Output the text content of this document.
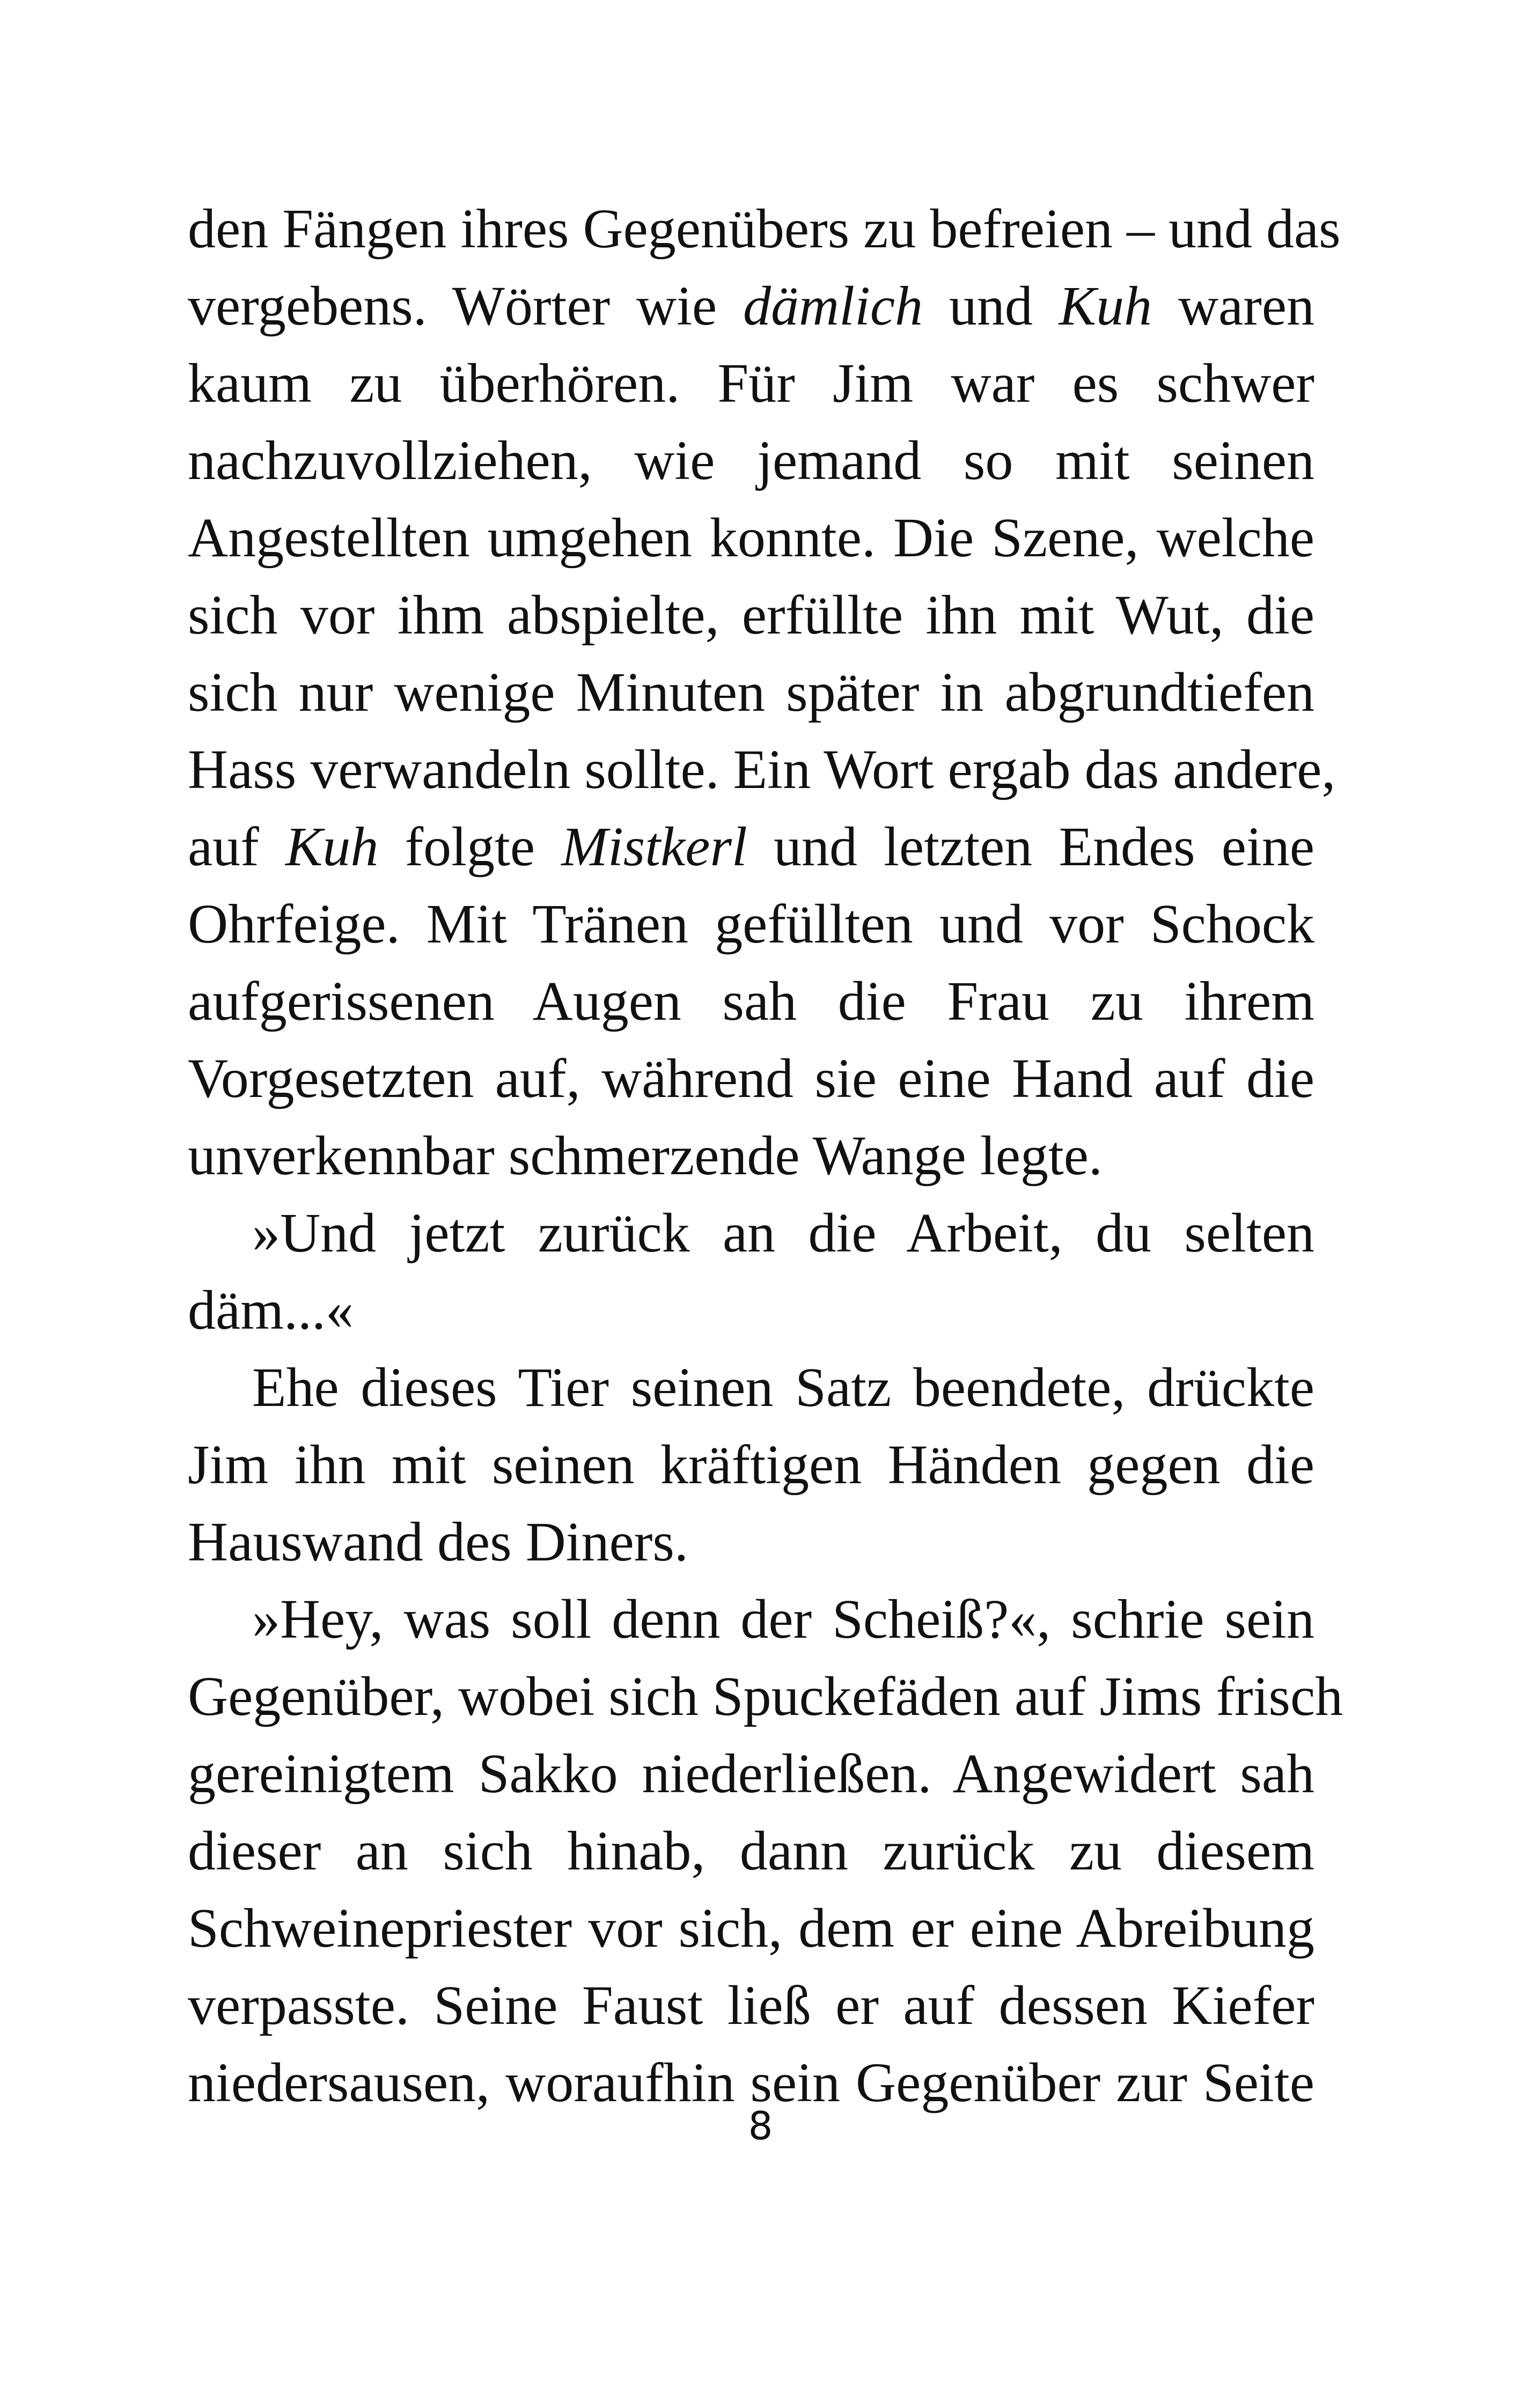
den Fängen ihres Gegenübers zu befreien – und das
vergebens. Wörter wie dämlich und Kuh waren
kaum zu überhören. Für Jim war es schwer
nachzuvollziehen, wie jemand so mit seinen
Angestellten umgehen konnte. Die Szene, welche
sich vor ihm abspielte, erfüllte ihn mit Wut, die
sich nur wenige Minuten später in abgrundtiefen
Hass verwandeln sollte. Ein Wort ergab das andere,
auf Kuh folgte Mistkerl und letzten Endes eine
Ohrfeige. Mit Tränen gefüllten und vor Schock
aufgerissenen Augen sah die Frau zu ihrem
Vorgesetzten auf, während sie eine Hand auf die
unverkennbar schmerzende Wange legte.
»Und jetzt zurück an die Arbeit, du selten
däm...«
Ehe dieses Tier seinen Satz beendete, drückte
Jim ihn mit seinen kräftigen Händen gegen die
Hauswand des Diners.
»Hey, was soll denn der Scheiß?«, schrie sein
Gegenüber, wobei sich Spuckefäden auf Jims frisch
gereinigtem Sakko niederließen. Angewidert sah
dieser an sich hinab, dann zurück zu diesem
Schweinepriester vor sich, dem er eine Abreibung
verpasste. Seine Faust ließ er auf dessen Kiefer
niedersausen, woraufhin sein Gegenüber zur Seite
8
